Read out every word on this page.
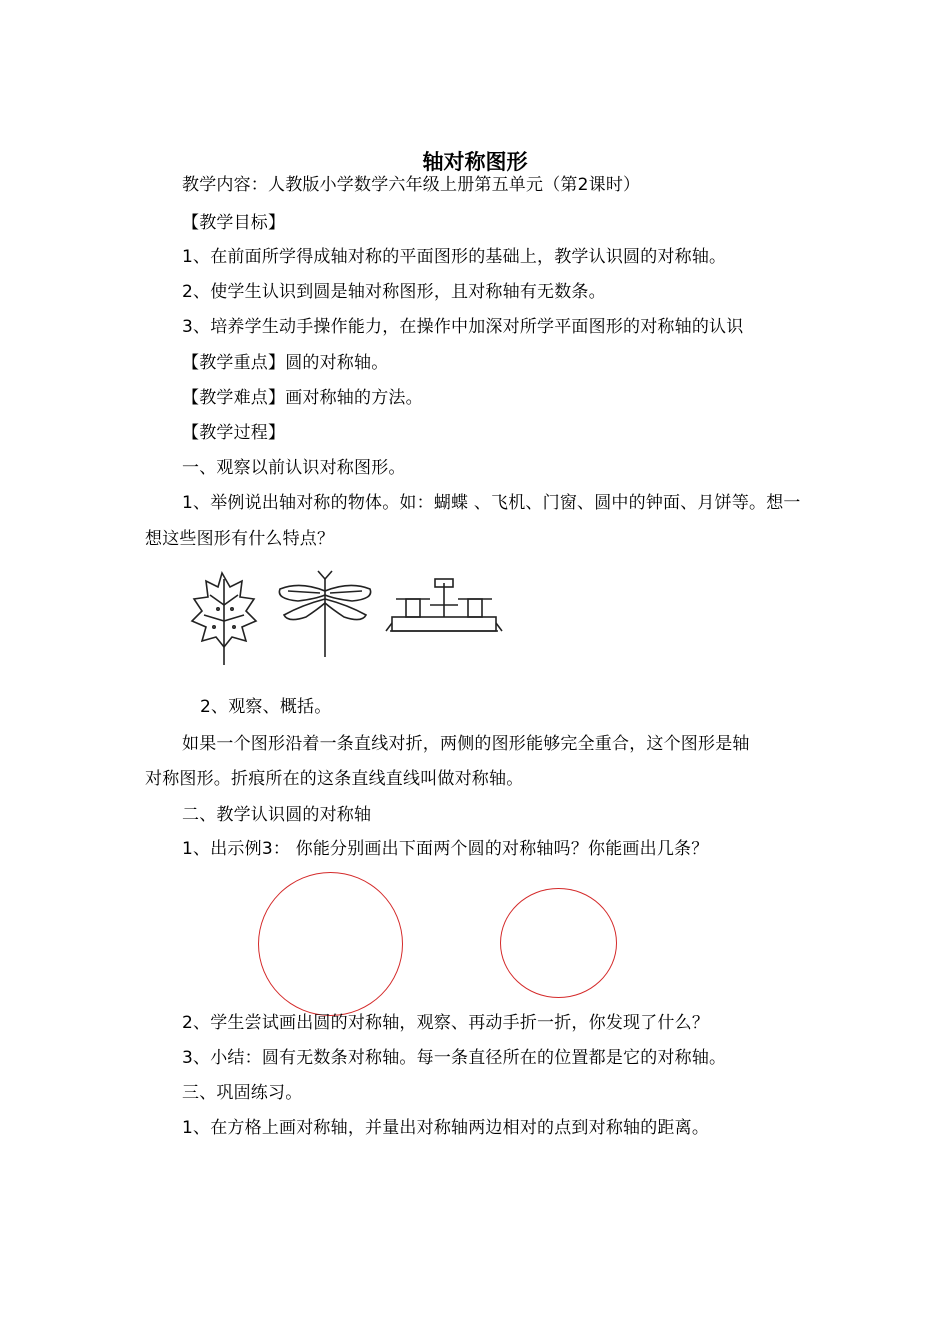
轴对称图形
教学内容：人教版小学数学六年级上册第五单元（第2课时）
【教学目标】
1、在前面所学得成轴对称的平面图形的基础上，教学认识圆的对称轴。
2、使学生认识到圆是轴对称图形，且对称轴有无数条。
3、培养学生动手操作能力，在操作中加深对所学平面图形的对称轴的认识
【教学重点】圆的对称轴。
【教学难点】画对称轴的方法。
【教学过程】
一、观察以前认识对称图形。
1、举例说出轴对称的物体。如：蝴蝶 、飞机、门窗、圆中的钟面、月饼等。想一
想这些图形有什么特点？
2、观察、概括。
如果一个图形沿着一条直线对折，两侧的图形能够完全重合，这个图形是轴
对称图形。折痕所在的这条直线直线叫做对称轴。
二、教学认识圆的对称轴
1、出示例3： 你能分别画出下面两个圆的对称轴吗？你能画出几条？
2、学生尝试画出圆的对称轴，观察、再动手折一折，你发现了什么？
3、小结：圆有无数条对称轴。每一条直径所在的位置都是它的对称轴。
三、巩固练习。
1、在方格上画对称轴，并量出对称轴两边相对的点到对称轴的距离。
